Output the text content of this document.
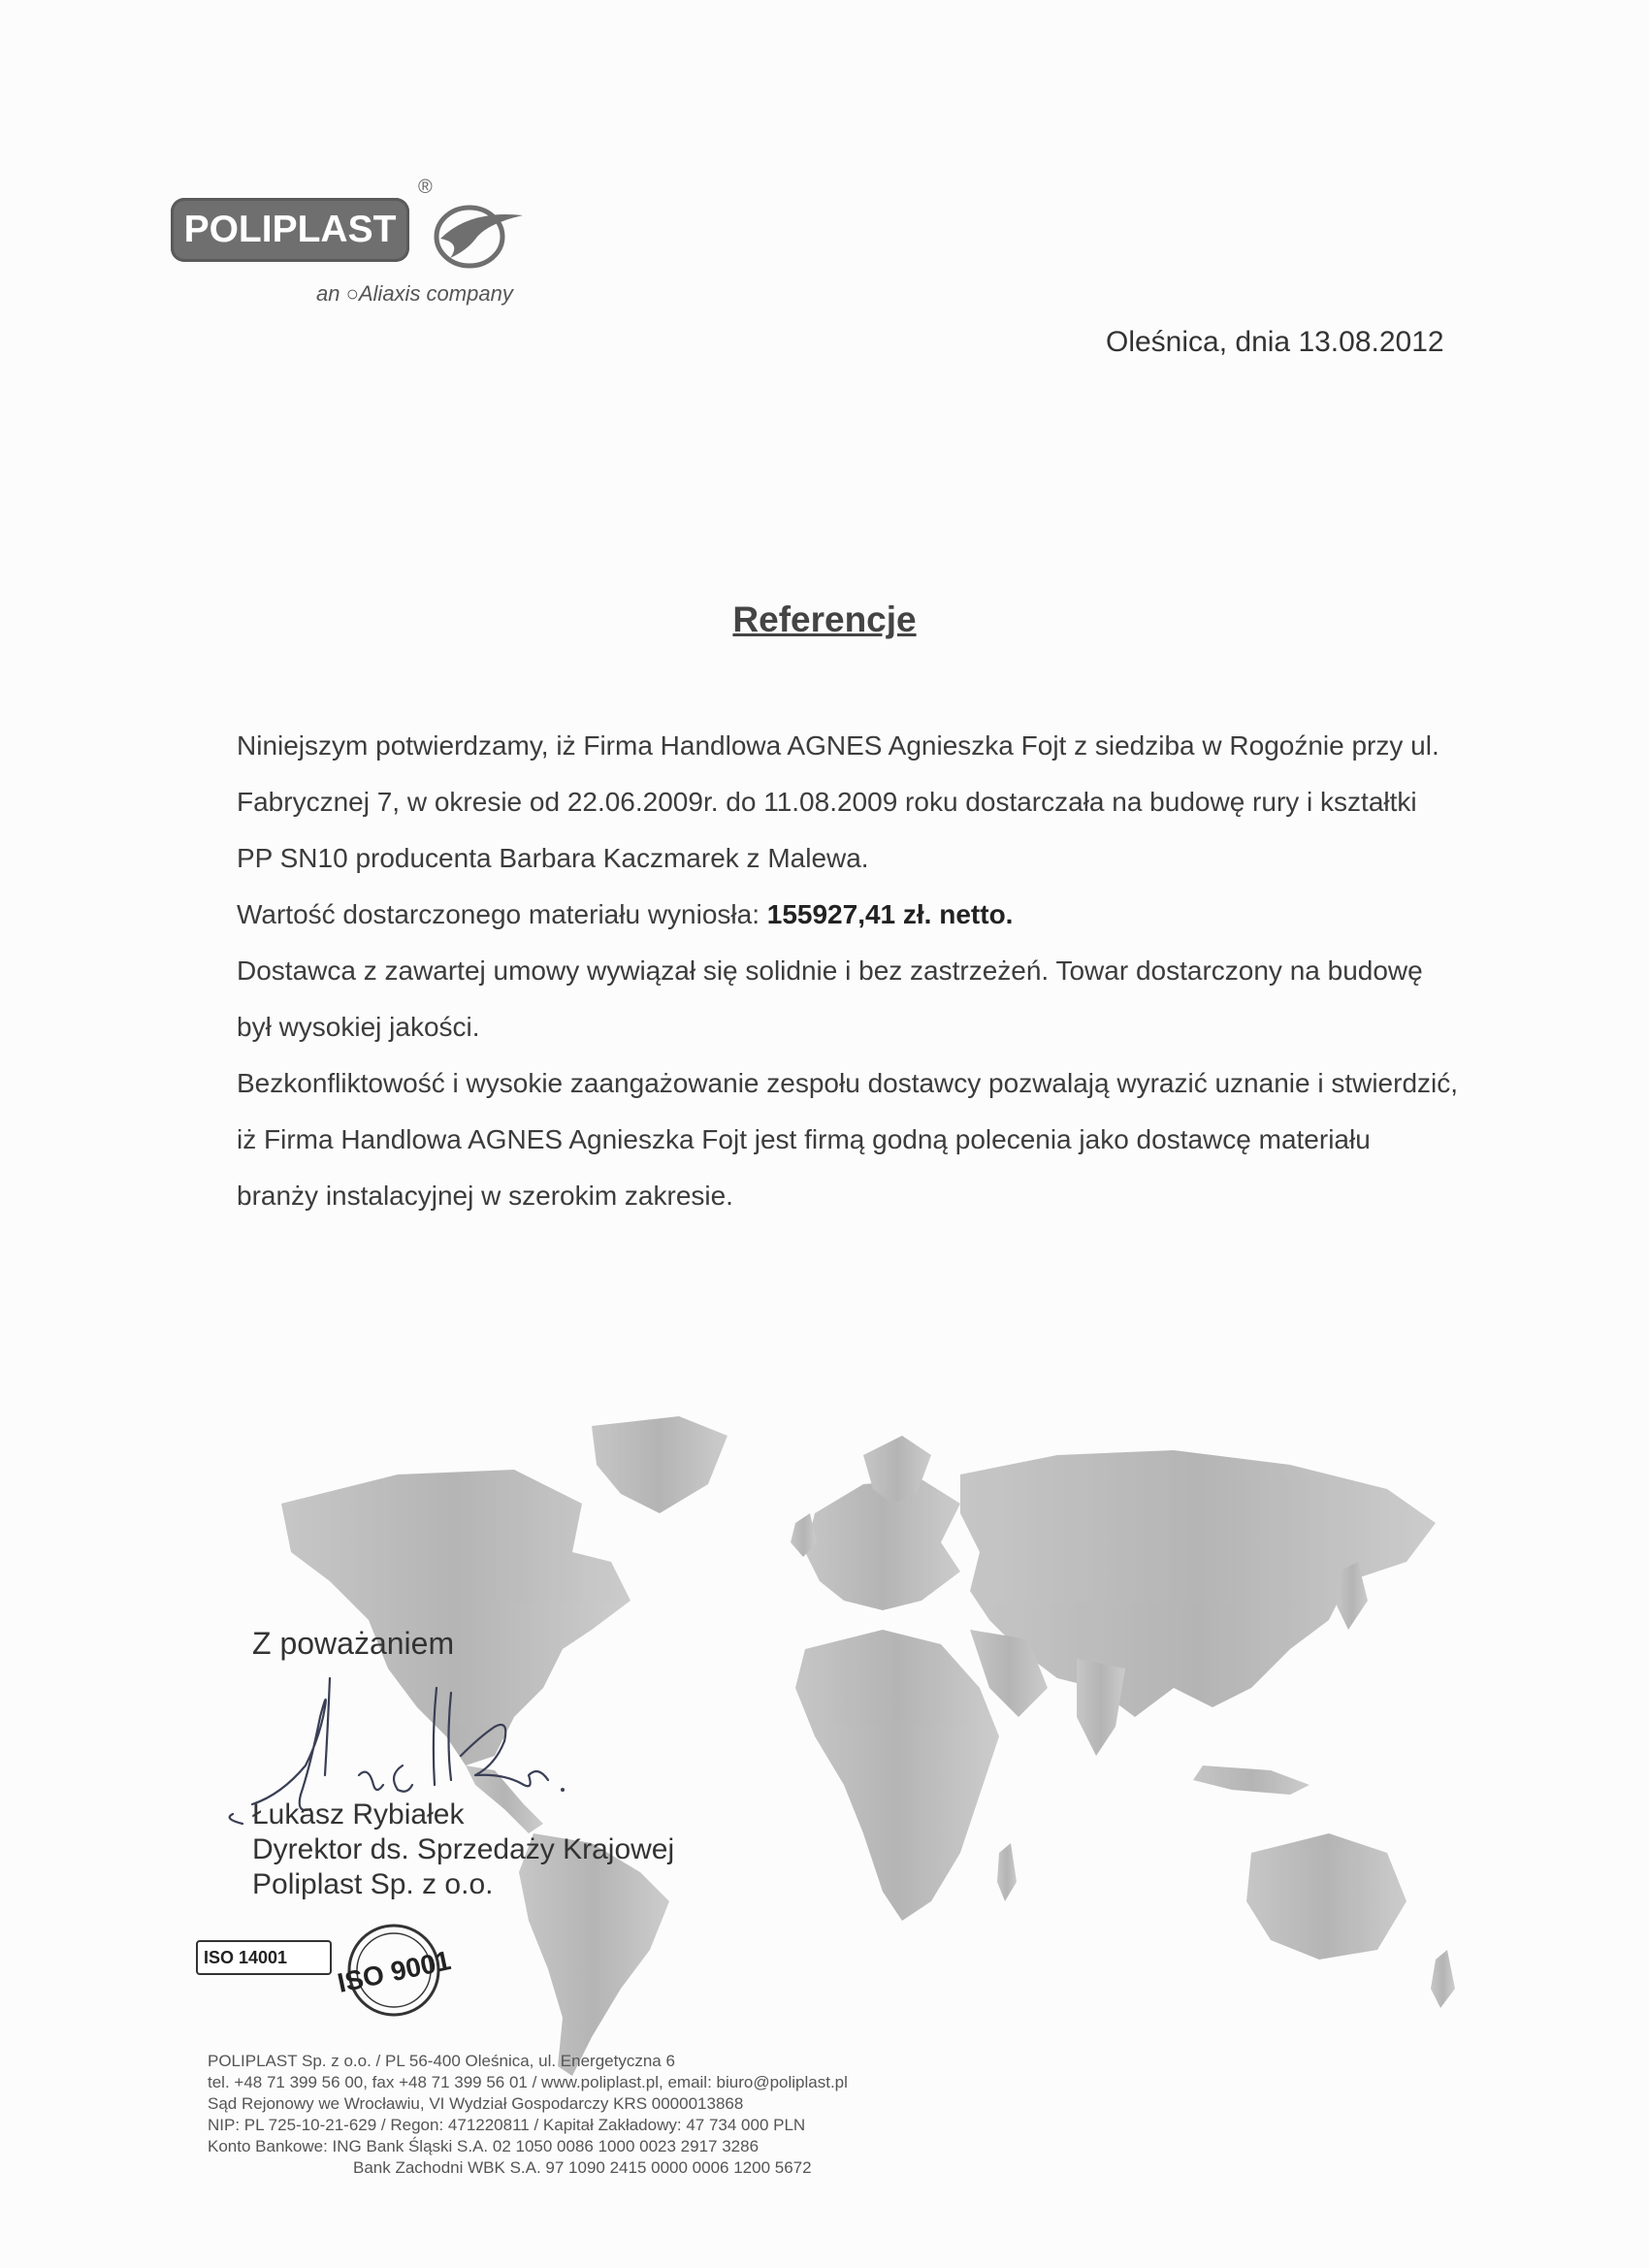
POLIPLAST
®
an ○Aliaxis company
Oleśnica, dnia 13.08.2012
Referencje

Niniejszym potwierdzamy, iż Firma Handlowa AGNES Agnieszka Fojt z siedziba w Rogoźnie przy ul. Fabrycznej 7, w okresie od 22.06.2009r. do 11.08.2009 roku dostarczała na budowę rury i kształtki PP SN10 producenta Barbara Kaczmarek z Malewa.

Wartość dostarczonego materiału wyniosła: 155927,41 zł. netto.

Dostawca z zawartej umowy wywiązał się solidnie i bez zastrzeżeń. Towar dostarczony na budowę był wysokiej jakości.

Bezkonfliktowość i wysokie zaangażowanie zespołu dostawcy pozwalają wyrazić uznanie i stwierdzić, iż Firma Handlowa AGNES Agnieszka Fojt jest firmą godną polecenia jako dostawcę materiału branży instalacyjnej w szerokim zakresie.

Z poważaniem
Łukasz Rybiałek
Dyrektor ds. Sprzedaży Krajowej
Poliplast Sp. z o.o.
ISO 14001	ISO 9001
POLIPLAST Sp. z o.o. / PL 56-400 Oleśnica, ul. Energetyczna 6
tel. +48 71 399 56 00, fax +48 71 399 56 01 / www.poliplast.pl, email: biuro@poliplast.pl
Sąd Rejonowy we Wrocławiu, VI Wydział Gospodarczy KRS 0000013868
NIP: PL 725-10-21-629 / Regon: 471220811 / Kapitał Zakładowy: 47 734 000 PLN
Konto Bankowe: ING Bank Śląski S.A. 02 1050 0086 1000 0023 2917 3286
Bank Zachodni WBK S.A. 97 1090 2415 0000 0006 1200 5672
